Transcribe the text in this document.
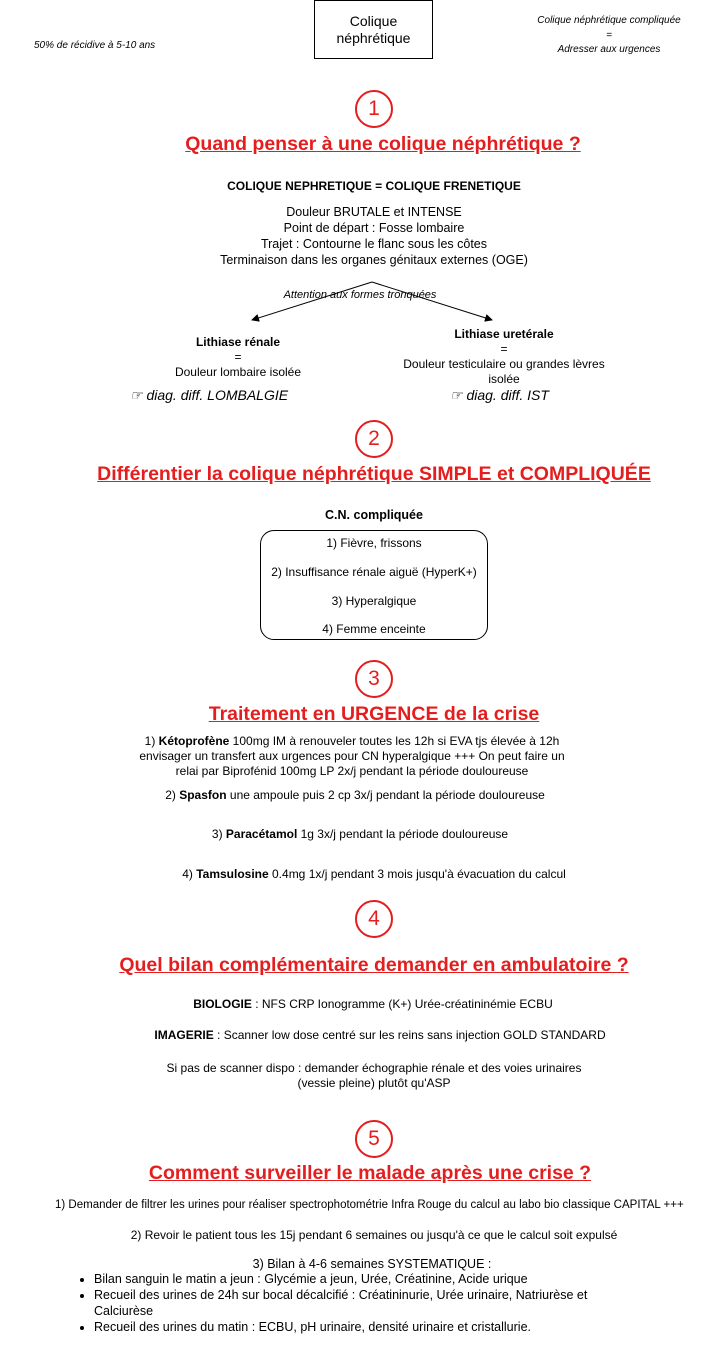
50% de récidive à 5-10 ans
Colique néphrétique
Colique néphrétique compliquée
=
Adresser aux urgences
1
Quand penser à une colique néphrétique ?
COLIQUE NEPHRETIQUE = COLIQUE FRENETIQUE
Douleur BRUTALE et INTENSE
Point de départ : Fosse lombaire
Trajet : Contourne le flanc sous les côtes
Terminaison dans les organes génitaux externes (OGE)
Attention aux formes tronquées
Lithiase rénale
=
Douleur lombaire isolée
☞ diag. diff. LOMBALGIE
Lithiase uretérale
=
Douleur testiculaire ou grandes lèvres isolée
☞ diag. diff. IST
2
Différentier la colique néphrétique SIMPLE et COMPLIQUÉE
C.N. compliquée
1) Fièvre, frissons
2) Insuffisance rénale aiguë (HyperK+)
3) Hyperalgique
4) Femme enceinte
3
Traitement en URGENCE de la crise
1) Kétoprofène 100mg IM à renouveler toutes les 12h si EVA tjs élevée à 12h envisager un transfert aux urgences pour CN hyperalgique +++ On peut faire un relai par Biprofénid 100mg LP 2x/j pendant la période douloureuse
2) Spasfon une ampoule puis 2 cp 3x/j pendant la période douloureuse
3) Paracétamol 1g 3x/j pendant la période douloureuse
4) Tamsulosine 0.4mg 1x/j pendant 3 mois jusqu'à évacuation du calcul
4
Quel bilan complémentaire demander en ambulatoire ?
BIOLOGIE : NFS CRP Ionogramme (K+) Urée-créatininémie ECBU
IMAGERIE : Scanner low dose centré sur les reins sans injection GOLD STANDARD
Si pas de scanner dispo : demander échographie rénale et des voies urinaires
(vessie pleine) plutôt qu'ASP
5
Comment surveiller le malade après une crise ?
1) Demander de filtrer les urines pour réaliser spectrophotométrie Infra Rouge du calcul au labo bio classique CAPITAL +++
2) Revoir le patient tous les 15j pendant 6 semaines ou jusqu'à ce que le calcul soit expulsé
3) Bilan à 4-6 semaines SYSTEMATIQUE :
• Bilan sanguin le matin a jeun : Glycémie a jeun, Urée, Créatinine, Acide urique
• Recueil des urines de 24h sur bocal décalcifié : Créatininurie, Urée urinaire, Natriurèse et Calciurèse
• Recueil des urines du matin : ECBU, pH urinaire, densité urinaire et cristallurie.
